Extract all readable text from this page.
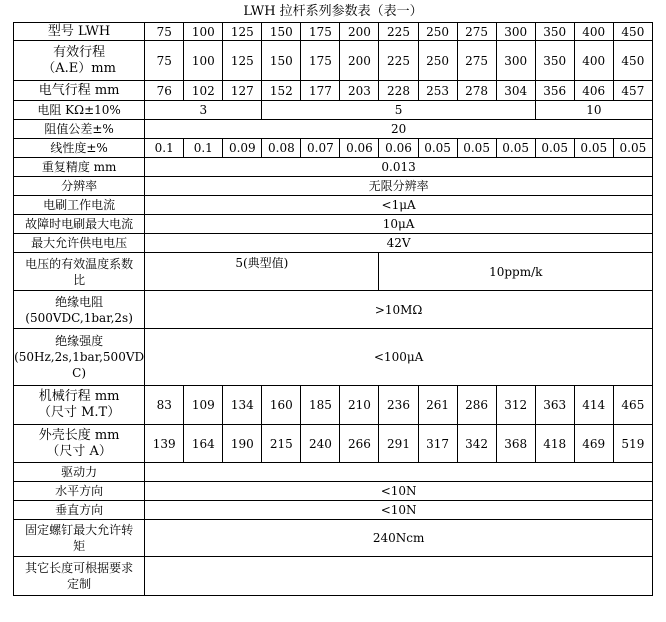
LWH 拉杆系列参数表（表一）
型号 LWH	75	100	125	150	175	200	225	250	275	300	350	400	450

有效行程
（A.E）mm	75	100	125	150	175	200	225	250	275	300	350	400	450
电气行程 mm	76	102	127	152	177	203	228	253	278	304	356	406	457
电阻 KΩ±10%	3			5							10		
阻值公差±%	20												
线性度±%	0.1	0.1	0.09	0.08	0.07	0.06	0.06	0.05	0.05	0.05	0.05	0.05	0.05
重复精度 mm	0.013												
分辨率	无限分辨率												
电刷工作电流	<1μA												
故障时电刷最大电流	10μA												
最大允许供电电压	42V												

电压的有效温度系数
比	5(典型值)						10ppm/k						

绝缘电阻
(500VDC,1bar,2s)	>10MΩ												

绝缘强度
(50Hz,2s,1bar,500VD
C)	<100μA												

机械行程 mm
（尺寸 M.T）	83	109	134	160	185	210	236	261	286	312	363	414	465

外壳长度 mm
（尺寸 A）	139	164	190	215	240	266	291	317	342	368	418	469	519
驱动力													
水平方向	<10N												
垂直方向	<10N												

固定螺钉最大允许转
矩	240Ncm												

其它长度可根据要求
定制													
